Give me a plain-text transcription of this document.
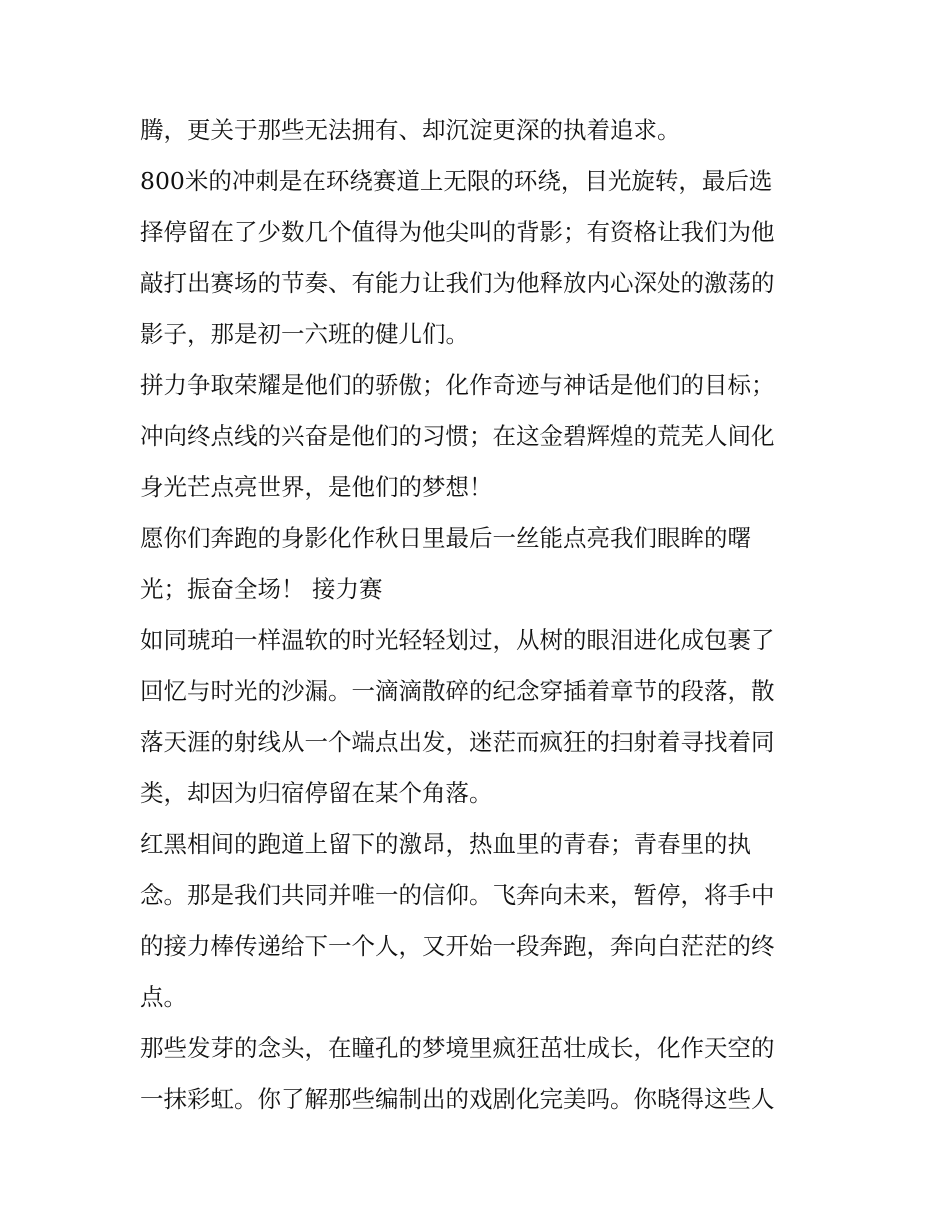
腾，更关于那些无法拥有、却沉淀更深的执着追求。
800米的冲刺是在环绕赛道上无限的环绕，目光旋转，最后选
择停留在了少数几个值得为他尖叫的背影；有资格让我们为他
敲打出赛场的节奏、有能力让我们为他释放内心深处的激荡的
影子，那是初一六班的健儿们。
拼力争取荣耀是他们的骄傲；化作奇迹与神话是他们的目标；
冲向终点线的兴奋是他们的习惯；在这金碧辉煌的荒芜人间化
身光芒点亮世界，是他们的梦想！
愿你们奔跑的身影化作秋日里最后一丝能点亮我们眼眸的曙
光；振奋全场！ 接力赛
如同琥珀一样温软的时光轻轻划过，从树的眼泪进化成包裹了
回忆与时光的沙漏。一滴滴散碎的纪念穿插着章节的段落，散
落天涯的射线从一个端点出发，迷茫而疯狂的扫射着寻找着同
类，却因为归宿停留在某个角落。
红黑相间的跑道上留下的激昂，热血里的青春；青春里的执
念。那是我们共同并唯一的信仰。飞奔向未来，暂停，将手中
的接力棒传递给下一个人，又开始一段奔跑，奔向白茫茫的终
点。
那些发芽的念头，在瞳孔的梦境里疯狂茁壮成长，化作天空的
一抹彩虹。你了解那些编制出的戏剧化完美吗。你晓得这些人
